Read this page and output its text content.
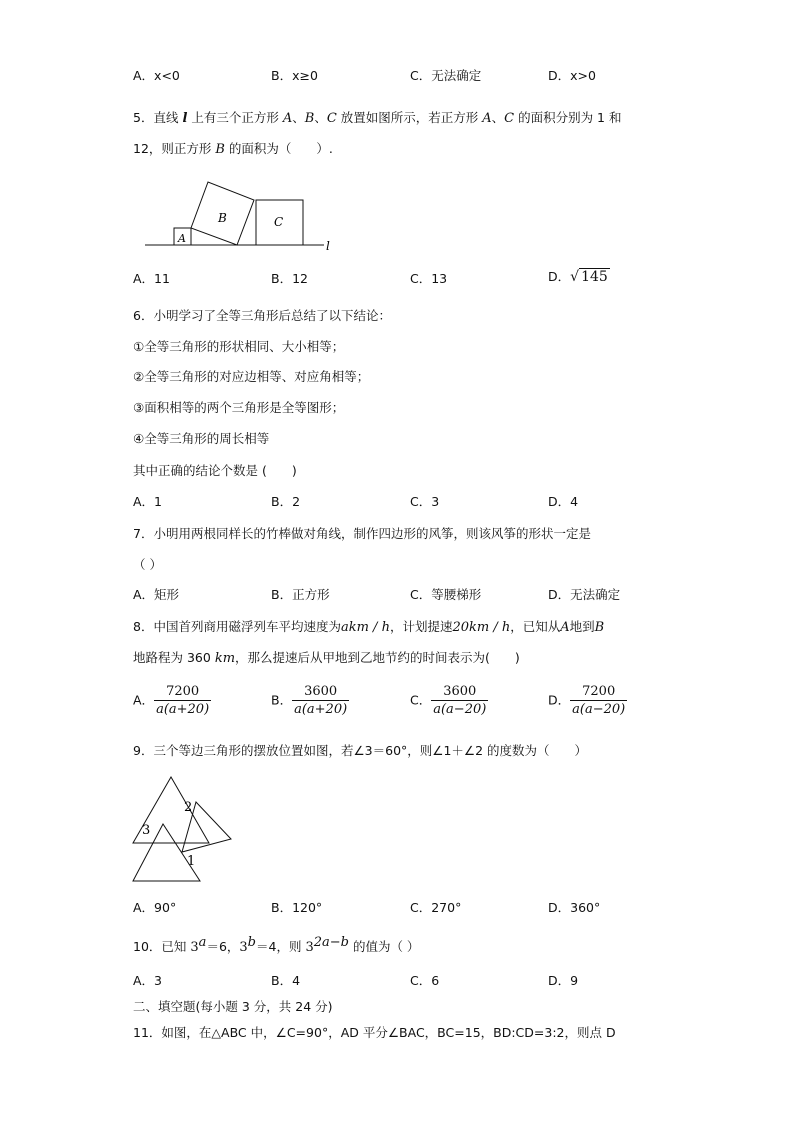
A．x<0	B．x≥0	C．无法确定	D．x>0
5．直线 l 上有三个正方形 A、B、C 放置如图所示，若正方形 A、C 的面积分别为 1 和
12，则正方形 B 的面积为（　　）.
A
B	C
l
A．11	B．12	C．13	D．√ 145
6．小明学习了全等三角形后总结了以下结论：
①全等三角形的形状相同、大小相等；
②全等三角形的对应边相等、对应角相等；
③面积相等的两个三角形是全等图形；
④全等三角形的周长相等
其中正确的结论个数是 (　　)
A．1	B．2	C．3	D．4
7．小明用两根同样长的竹棒做对角线，制作四边形的风筝，则该风筝的形状一定是
（ ）
A．矩形	B．正方形	C．等腰梯形	D．无法确定
8．中国首列商用磁浮列车平均速度为akm / h，计划提速20km / h，已知从A地到B
地路程为 360 km，那么提速后从甲地到乙地节约的时间表示为(　　)
A． $\frac{7200}{a(a+20)}$	B． $\frac{3600}{a(a+20)}$	C． $\frac{3600}{a(a-20)}$	D． $\frac{7200}{a(a-20)}$
9．三个等边三角形的摆放位置如图，若∠3＝60°，则∠1＋∠2 的度数为（　　）
2
3
1
A．90°	B．120°	C．270°	D．360°
10．已知 $3^a=6$，$3^b=4$，则 $3^{2a-b}$ 的值为（ ）
A．3	B．4	C．6	D．9
二、填空题(每小题 3 分，共 24 分)
11．如图，在△ABC 中，∠C=90°，AD 平分∠BAC，BC=15，BD:CD=3:2，则点 D
